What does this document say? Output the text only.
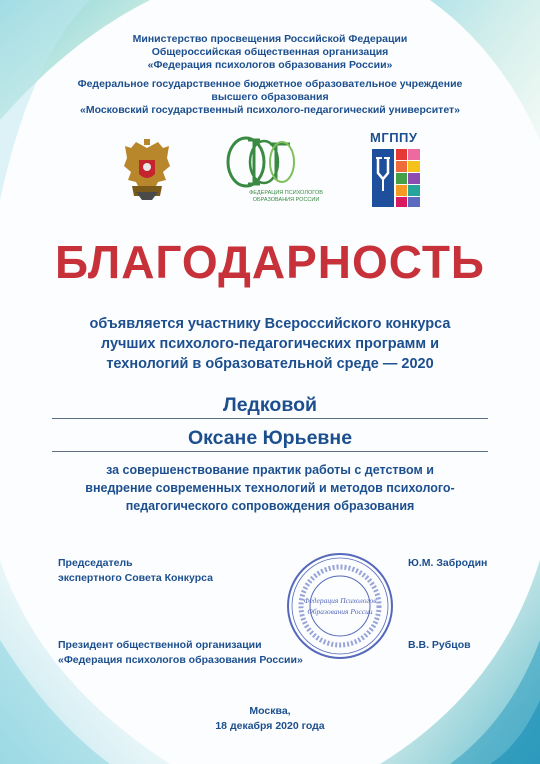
Министерство просвещения Российской Федерации
Общероссийская общественная организация
«Федерация психологов образования России»
Федеральное государственное бюджетное образовательное учреждение
высшего образования
«Московский государственный психолого-педагогический университет»
ФЕДЕРАЦИЯ ПСИХОЛОГОВ
ОБРАЗОВАНИЯ РОССИИ
МГППУ
БЛАГОДАРНОСТЬ
объявляется участнику Всероссийского конкурса
лучших психолого-педагогических программ и
технологий в образовательной среде — 2020
Ледковой
Оксане Юрьевне
за совершенствование практик работы с детством и
внедрение современных технологий и методов психолого-
педагогического сопровождения образования
Федерация Психологов
Образования России
Председатель
экспертного Совета Конкурса
Ю.М. Забродин
Президент общественной организации
«Федерация психологов образования России»
В.В. Рубцов
Москва,
18 декабря 2020 года
